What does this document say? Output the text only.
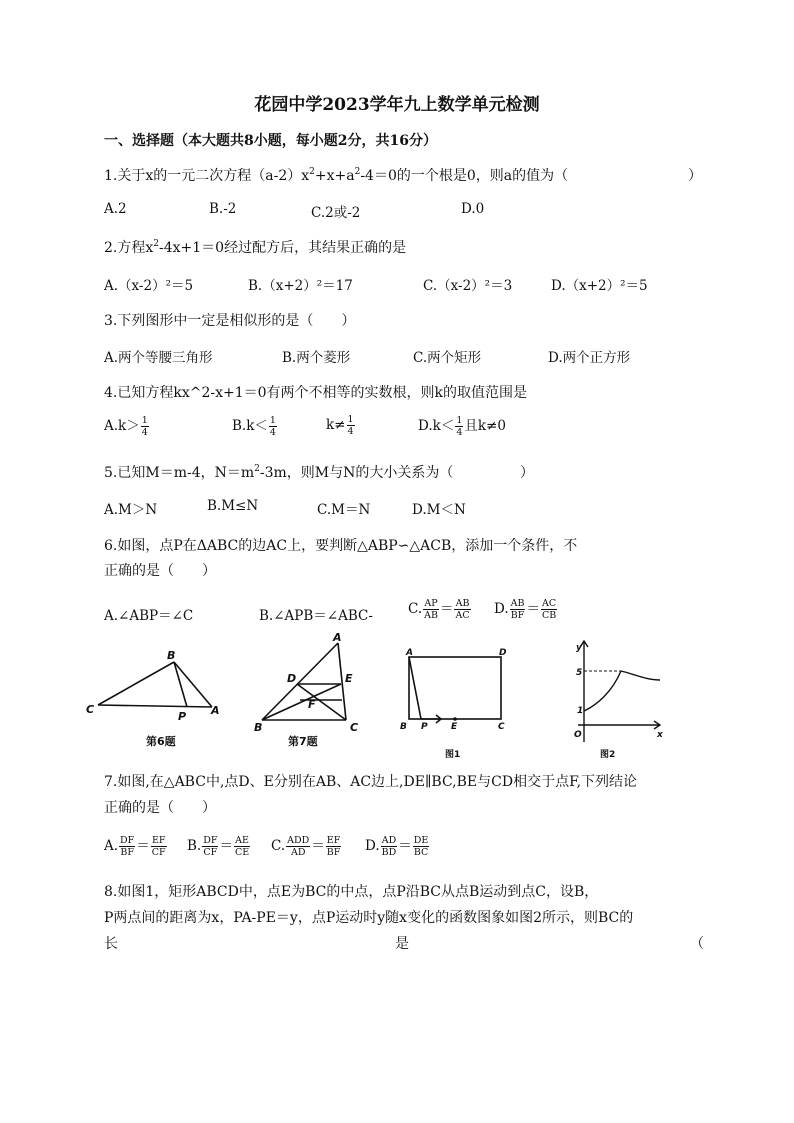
花园中学2023学年九上数学单元检测
一、选择题（本大题共8小题，每小题2分，共16分）
1.关于x的一元二次方程$(a-2)x^2+x+a^2-4=0$的一个根是0，则a的值为（	）
A.2	B.-2	C.2或-2	D.0
2.方程$x^2-4x+1=0$经过配方后，其结果正确的是
A.（x-2）²＝5	B.（x+2）²＝17	C.（x-2）²＝3	D.（x+2）²＝5
3.下列图形中一定是相似形的是（　　）
A.两个等腰三角形	B.两个菱形	C.两个矩形	D.两个正方形
4.已知方程kx^2-x+1＝0有两个不相等的实数根，则k的取值范围是
$A.k> \frac{1}{4}$	$B.k< \frac{1}{4}$	$k\ne \frac{1}{4}$	$D.k< \frac{1}{4}$ 且k≠0
5.已知M＝m-4，$N=m^2-3m$，则M与N的大小关系为（	）
A.M＞N	B.M≤N	C.M＝N	D.M＜N
6.如图，点P在ΔABC的边AC上，要判断△ABP∽△ACB，添加一个条件，不
正确的是（　　）
A.∠ABP＝∠C	B.∠APB＝∠ABC-	C. $\frac{AP}{AB} = \frac{AB}{AC} D$. $\frac{AB}{BF} = \frac{AC}{CB}$
B
C
P A
A
D	E
F
B	C
A	D
B P	E	C
y
5
1
O	x
第6题	第7题
图1	图2
7.如图,在△ABC中,点D、E分别在AB、AC边上,DE∥BC,BE与CD相交于点F,下列结论
正确的是（　　）
A. $\frac{DF}{BF} = \frac{EF}{CF} B$. $\frac{DF}{CF} = \frac{AE}{CE} C$. ADD
AD ＝ $\frac{EF}{BF} D$. $\frac{AD}{BD} = \frac{DE}{BC}$
8.如图1，矩形ABCD中，点E为BC的中点，点P沿BC从点B运动到点C，设B，
P两点间的距离为x，PA-PE＝y，点P运动时y随x变化的函数图象如图2所示，则BC的
长	是	（
